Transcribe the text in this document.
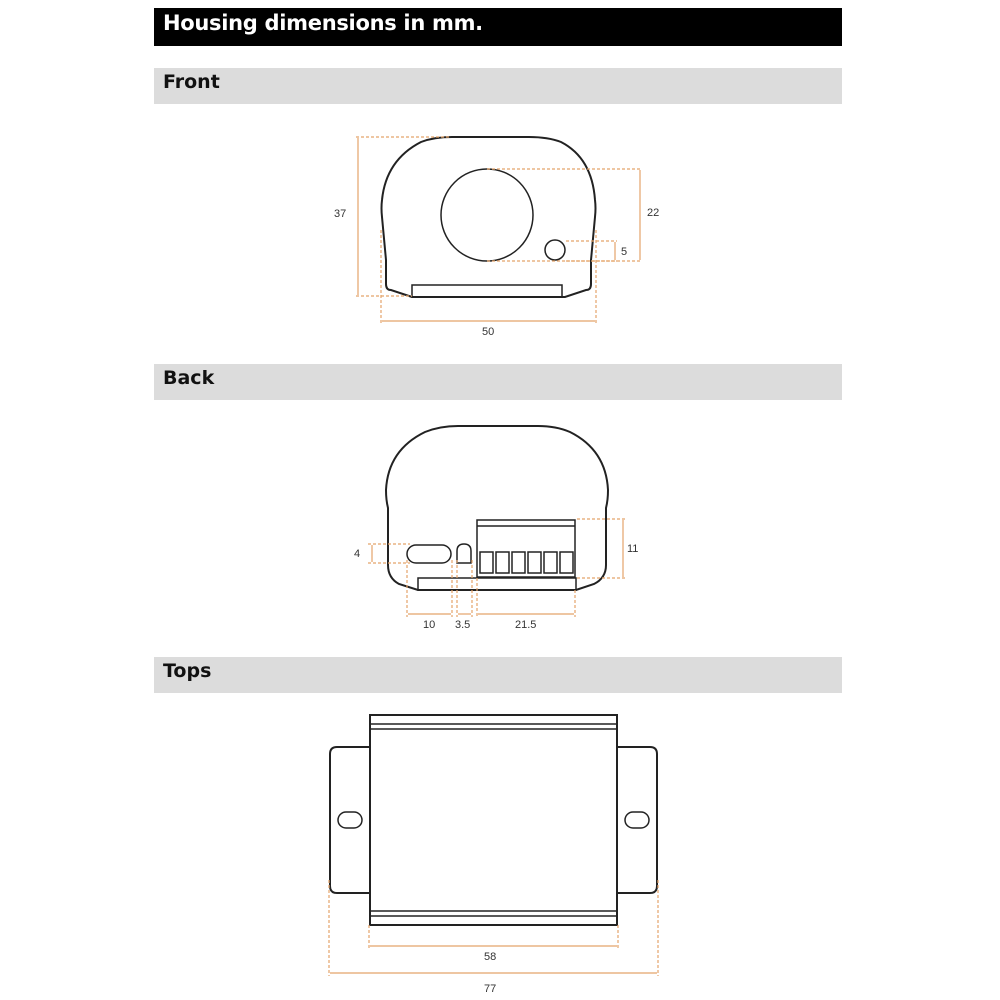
Housing dimensions in mm.
Front
Back
Tops
37	22
5
50
4	11
10 3.5	21.5
58
77
